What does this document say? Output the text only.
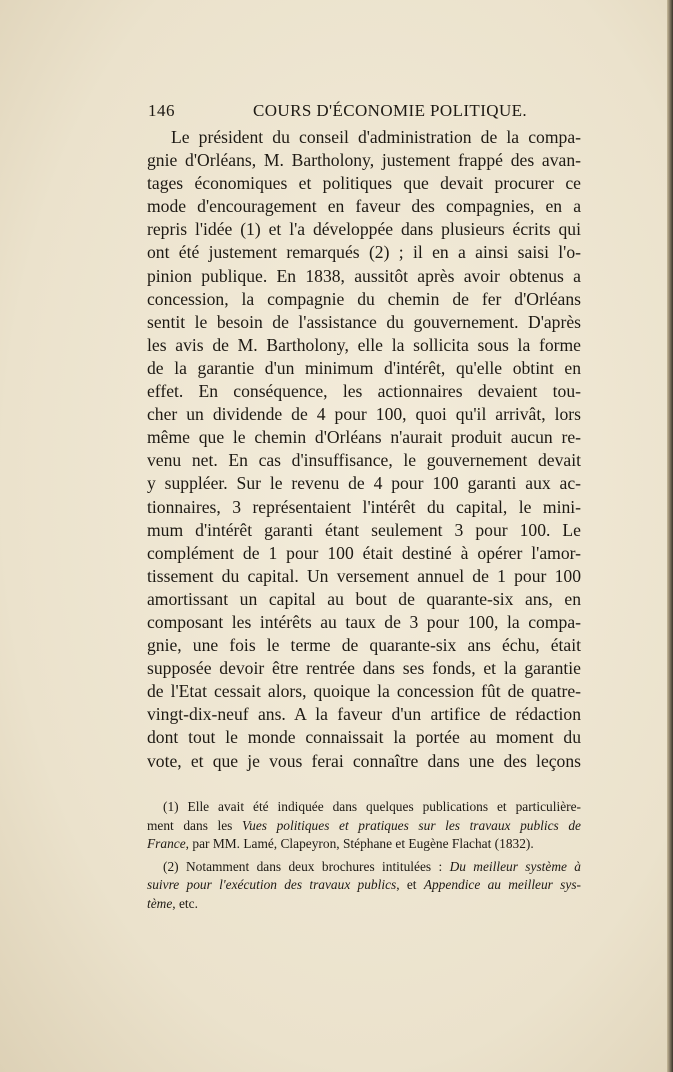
146	COURS D'ÉCONOMIE POLITIQUE.
Le président du conseil d'administration de la compa-
gnie d'Orléans, M. Bartholony, justement frappé des avan-
tages économiques et politiques que devait procurer ce
mode d'encouragement en faveur des compagnies, en a
repris l'idée (1) et l'a développée dans plusieurs écrits qui
ont été justement remarqués (2) ; il en a ainsi saisi l'o-
pinion publique. En 1838, aussitôt après avoir obtenus a
concession, la compagnie du chemin de fer d'Orléans
sentit le besoin de l'assistance du gouvernement. D'après
les avis de M. Bartholony, elle la sollicita sous la forme
de la garantie d'un minimum d'intérêt, qu'elle obtint en
effet. En conséquence, les actionnaires devaient tou-
cher un dividende de 4 pour 100, quoi qu'il arrivât, lors
même que le chemin d'Orléans n'aurait produit aucun re-
venu net. En cas d'insuffisance, le gouvernement devait
y suppléer. Sur le revenu de 4 pour 100 garanti aux ac-
tionnaires, 3 représentaient l'intérêt du capital, le mini-
mum d'intérêt garanti étant seulement 3 pour 100. Le
complément de 1 pour 100 était destiné à opérer l'amor-
tissement du capital. Un versement annuel de 1 pour 100
amortissant un capital au bout de quarante-six ans, en
composant les intérêts au taux de 3 pour 100, la compa-
gnie, une fois le terme de quarante-six ans échu, était
supposée devoir être rentrée dans ses fonds, et la garantie
de l'Etat cessait alors, quoique la concession fût de quatre-
vingt-dix-neuf ans. A la faveur d'un artifice de rédaction
dont tout le monde connaissait la portée au moment du
vote, et que je vous ferai connaître dans une des leçons
(1) Elle avait été indiquée dans quelques publications et particulière-
ment dans les Vues politiques et pratiques sur les travaux publics de
France, par MM. Lamé, Clapeyron, Stéphane et Eugène Flachat (1832).
(2) Notamment dans deux brochures intitulées : Du meilleur système à
suivre pour l'exécution des travaux publics, et Appendice au meilleur sys-
tème, etc.
